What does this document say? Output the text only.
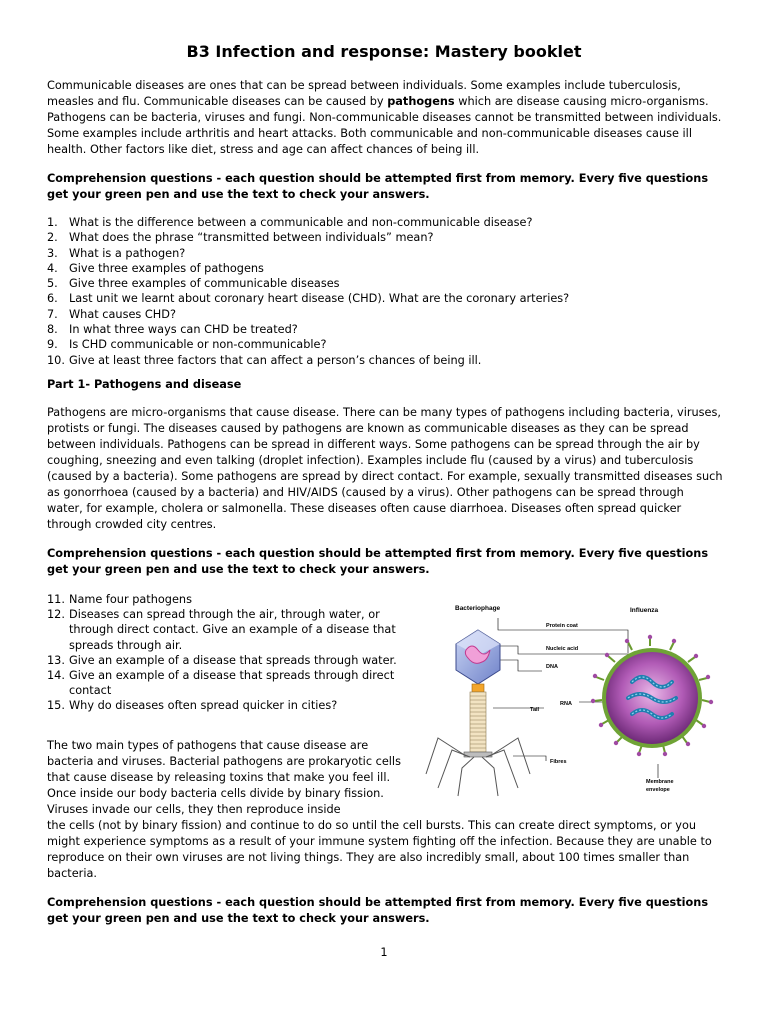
B3 Infection and response: Mastery booklet

Communicable diseases are ones that can be spread between individuals. Some examples include tuberculosis, measles and flu. Communicable diseases can be caused by pathogens which are disease causing micro-organisms. Pathogens can be bacteria, viruses and fungi. Non-communicable diseases cannot be transmitted between individuals. Some examples include arthritis and heart attacks. Both communicable and non-communicable diseases cause ill health. Other factors like diet, stress and age can affect chances of being ill.

Comprehension questions - each question should be attempted first from memory. Every five questions get your green pen and use the text to check your answers.

1. What is the difference between a communicable and non-communicable disease?
2. What does the phrase “transmitted between individuals” mean?
3. What is a pathogen?
4. Give three examples of pathogens
5. Give three examples of communicable diseases
6. Last unit we learnt about coronary heart disease (CHD). What are the coronary arteries?
7. What causes CHD?
8. In what three ways can CHD be treated?
9. Is CHD communicable or non-communicable?
10. Give at least three factors that can affect a person’s chances of being ill.

Part 1- Pathogens and disease

Pathogens are micro-organisms that cause disease. There can be many types of pathogens including bacteria, viruses, protists or fungi. The diseases caused by pathogens are known as communicable diseases as they can be spread between individuals. Pathogens can be spread in different ways. Some pathogens can be spread through the air by coughing, sneezing and even talking (droplet infection). Examples include flu (caused by a virus) and tuberculosis (caused by a bacteria). Some pathogens are spread by direct contact. For example, sexually transmitted diseases such as gonorrhoea (caused by a bacteria) and HIV/AIDS (caused by a virus). Other pathogens can be spread through water, for example, cholera or salmonella. These diseases often cause diarrhoea. Diseases often spread quicker through crowded city centres.

Comprehension questions - each question should be attempted first from memory. Every five questions get your green pen and use the text to check your answers.

11. Name four pathogens
12. Diseases can spread through the air, through water, or through direct contact. Give an example of a disease that spreads through air.
13. Give an example of a disease that spreads through water.
14. Give an example of a disease that spreads through direct contact
15. Why do diseases often spread quicker in cities?

The two main types of pathogens that cause disease are bacteria and viruses. Bacterial pathogens are prokaryotic cells that cause disease by releasing toxins that make you feel ill. Once inside our body bacteria cells divide by binary fission. Viruses invade our cells, they then reproduce inside

the cells (not by binary fission) and continue to do so until the cell bursts. This can create direct symptoms, or you might experience symptoms as a result of your immune system fighting off the infection. Because they are unable to reproduce on their own viruses are not living things. They are also incredibly small, about 100 times smaller than bacteria.

Comprehension questions - each question should be attempted first from memory. Every five questions get your green pen and use the text to check your answers.

Bacteriophage	Influenza
Protein coat
Nucleic acid
DNA
RNA
Tail
Fibres
Membrane
envelope
1
